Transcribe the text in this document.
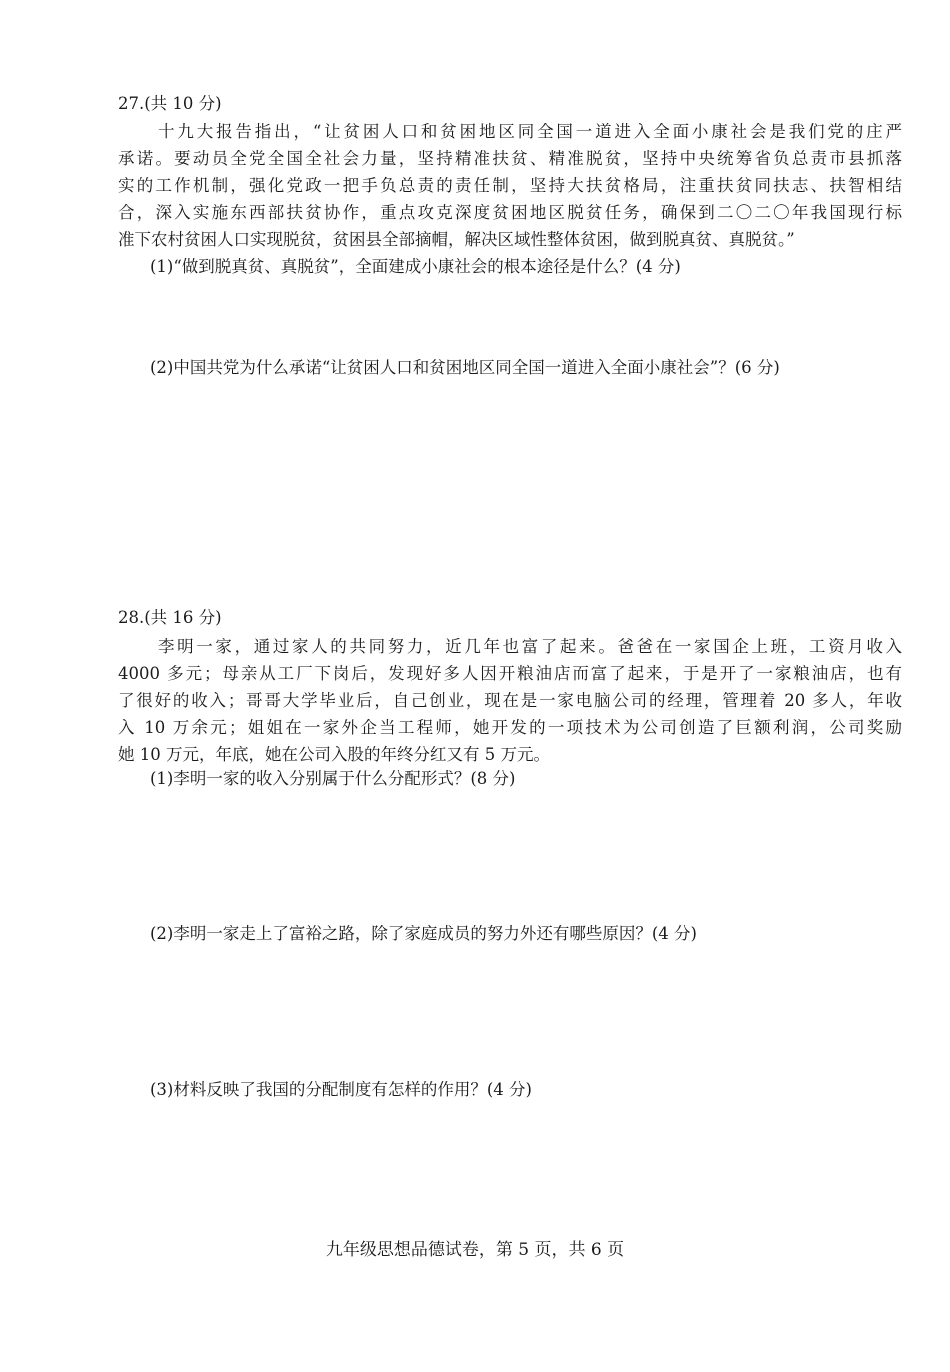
27.(共 10 分)
十九大报告指出，“让贫困人口和贫困地区同全国一道进入全面小康社会是我们党的庄严
承诺。要动员全党全国全社会力量，坚持精准扶贫、精准脱贫，坚持中央统筹省负总责市县抓落
实的工作机制，强化党政一把手负总责的责任制，坚持大扶贫格局，注重扶贫同扶志、扶智相结
合，深入实施东西部扶贫协作，重点攻克深度贫困地区脱贫任务，确保到二〇二〇年我国现行标
准下农村贫困人口实现脱贫，贫困县全部摘帽，解决区域性整体贫困，做到脱真贫、真脱贫。”
(1)“做到脱真贫、真脱贫”，全面建成小康社会的根本途径是什么？(4 分)
(2)中国共党为什么承诺“让贫困人口和贫困地区同全国一道进入全面小康社会”？(6 分)
28.(共 16 分)
李明一家，通过家人的共同努力，近几年也富了起来。爸爸在一家国企上班，工资月收入
4000 多元；母亲从工厂下岗后，发现好多人因开粮油店而富了起来，于是开了一家粮油店，也有
了很好的收入；哥哥大学毕业后，自己创业，现在是一家电脑公司的经理，管理着 20 多人，年收
入 10 万余元；姐姐在一家外企当工程师，她开发的一项技术为公司创造了巨额利润，公司奖励
她 10 万元，年底，她在公司入股的年终分红又有 5 万元。
(1)李明一家的收入分别属于什么分配形式？(8 分)
(2)李明一家走上了富裕之路，除了家庭成员的努力外还有哪些原因？(4 分)
(3)材料反映了我国的分配制度有怎样的作用？(4 分)
九年级思想品德试卷，第 5 页，共 6 页
